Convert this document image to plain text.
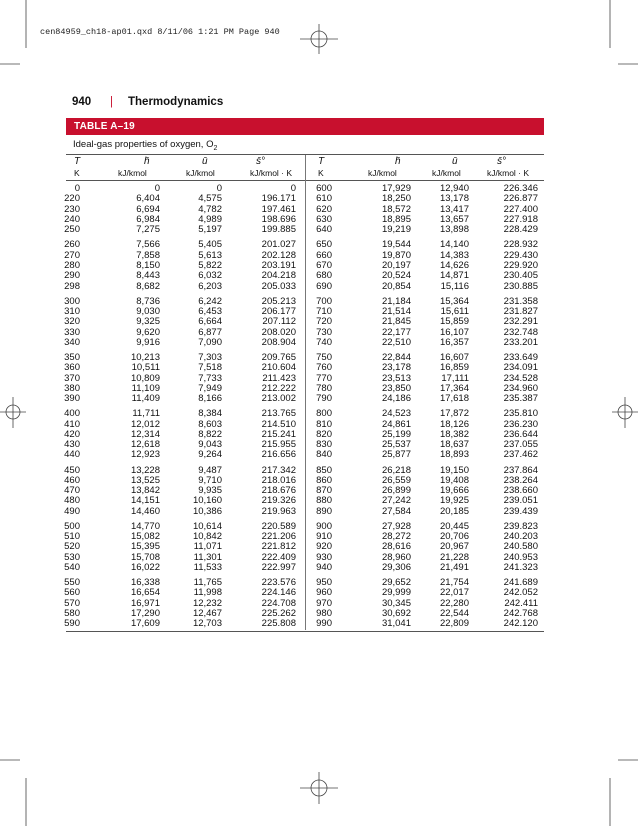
cen84959_ch18-ap01.qxd 8/11/06 1:21 PM Page 940
940 | Thermodynamics
TABLE A–19
Ideal-gas properties of oxygen, $O_2$
T	h̄	ū	s̄°	T	h̄	ū	s̄°
K	kJ/kmol	kJ/kmol	kJ/kmol · K	K	kJ/kmol	kJ/kmol	kJ/kmol · K
0	0	0	0	600	17,929	12,940	226.346
220	6,404	4,575	196.171	610	18,250	13,178	226.877
230	6,694	4,782	197.461	620	18,572	13,417	227.400
240	6,984	4,989	198.696	630	18,895	13,657	227.918
250	7,275	5,197	199.885	640	19,219	13,898	228.429
260	7,566	5,405	201.027	650	19,544	14,140	228.932
270	7,858	5,613	202.128	660	19,870	14,383	229.430
280	8,150	5,822	203.191	670	20,197	14,626	229.920
290	8,443	6,032	204.218	680	20,524	14,871	230.405
298	8,682	6,203	205.033	690	20,854	15,116	230.885
300	8,736	6,242	205.213	700	21,184	15,364	231.358
310	9,030	6,453	206.177	710	21,514	15,611	231.827
320	9,325	6,664	207.112	720	21,845	15,859	232.291
330	9,620	6,877	208.020	730	22,177	16,107	232.748
340	9,916	7,090	208.904	740	22,510	16,357	233.201
350	10,213	7,303	209.765	750	22,844	16,607	233.649
360	10,511	7,518	210.604	760	23,178	16,859	234.091
370	10,809	7,733	211.423	770	23,513	17,111	234.528
380	11,109	7,949	212.222	780	23,850	17,364	234.960
390	11,409	8,166	213.002	790	24,186	17,618	235.387
400	11,711	8,384	213.765	800	24,523	17,872	235.810
410	12,012	8,603	214.510	810	24,861	18,126	236.230
420	12,314	8,822	215.241	820	25,199	18,382	236.644
430	12,618	9,043	215.955	830	25,537	18,637	237.055
440	12,923	9,264	216.656	840	25,877	18,893	237.462
450	13,228	9,487	217.342	850	26,218	19,150	237.864
460	13,525	9,710	218.016	860	26,559	19,408	238.264
470	13,842	9,935	218.676	870	26,899	19,666	238.660
480	14,151	10,160	219.326	880	27,242	19,925	239.051
490	14,460	10,386	219.963	890	27,584	20,185	239.439
500	14,770	10,614	220.589	900	27,928	20,445	239.823
510	15,082	10,842	221.206	910	28,272	20,706	240.203
520	15,395	11,071	221.812	920	28,616	20,967	240.580
530	15,708	11,301	222.409	930	28,960	21,228	240.953
540	16,022	11,533	222.997	940	29,306	21,491	241.323
550	16,338	11,765	223.576	950	29,652	21,754	241.689
560	16,654	11,998	224.146	960	29,999	22,017	242.052
570	16,971	12,232	224.708	970	30,345	22,280	242.411
580	17,290	12,467	225.262	980	30,692	22,544	242.768
590	17,609	12,703	225.808	990	31,041	22,809	242.120
